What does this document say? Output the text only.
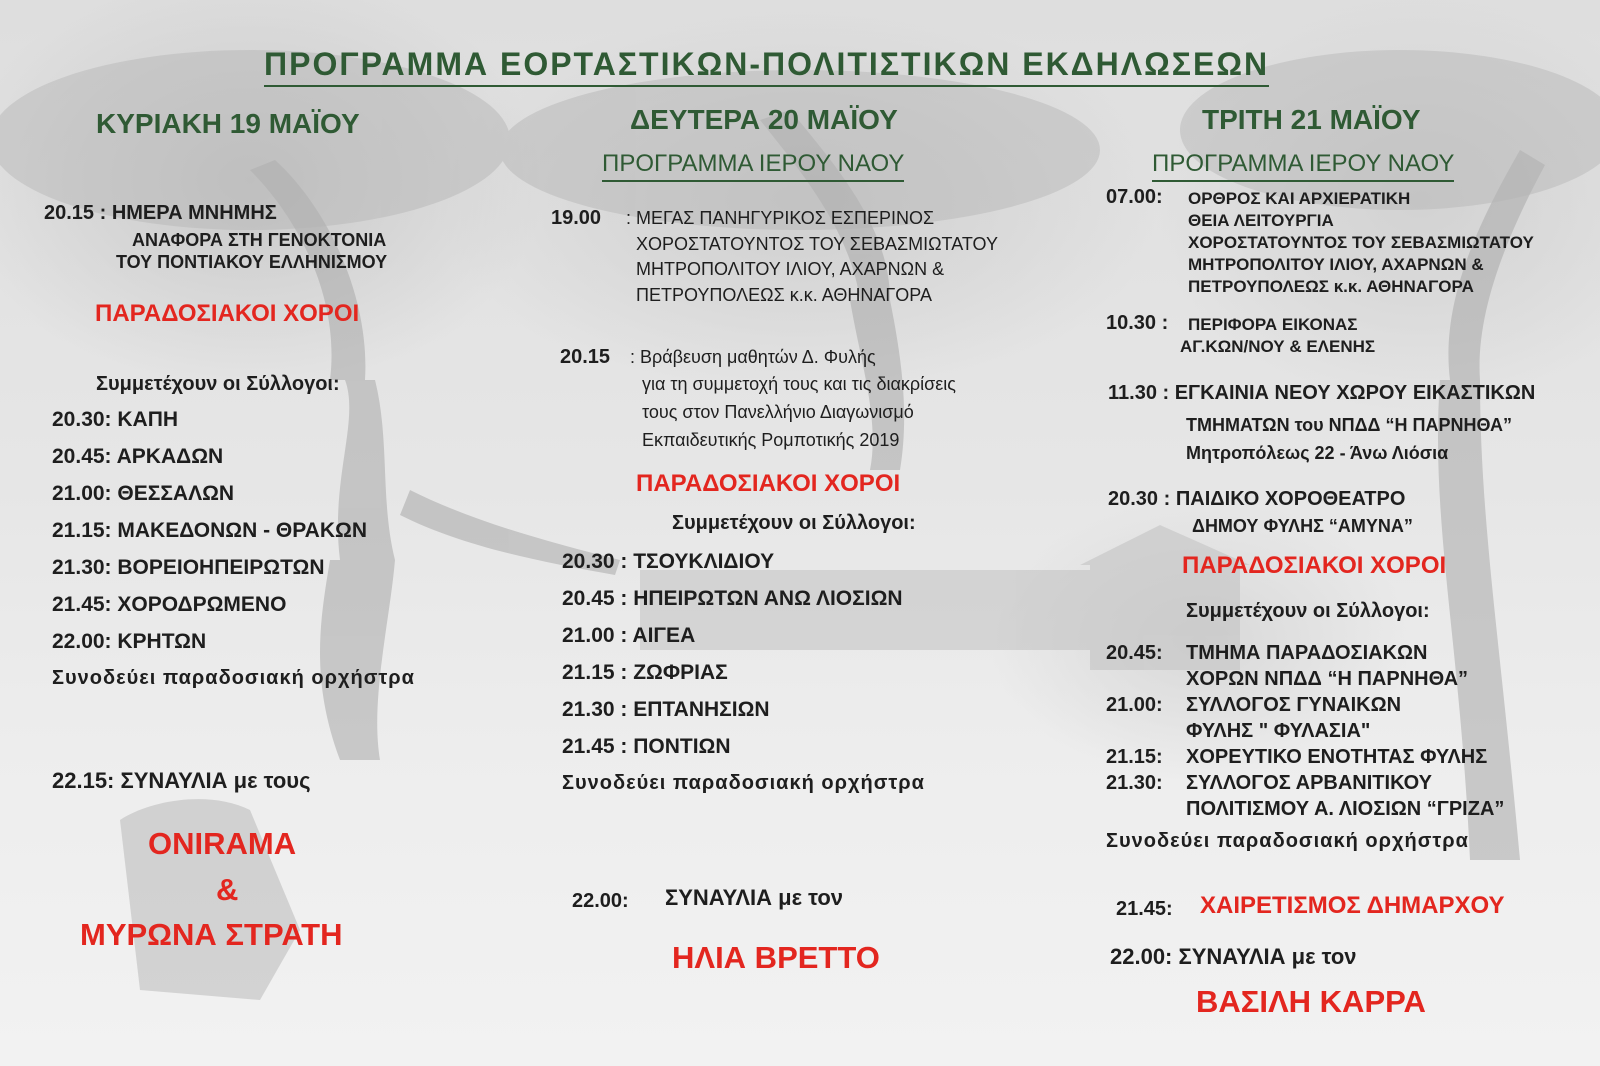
ΠΡΟΓΡΑΜΜΑ ΕΟΡΤΑΣΤΙΚΩΝ-ΠΟΛΙΤΙΣΤΙΚΩΝ ΕΚΔΗΛΩΣΕΩΝ
ΚΥΡΙΑΚΗ 19 ΜΑΪΟΥ
20.15 : ΗΜΕΡΑ ΜΝΗΜΗΣ
ΑΝΑΦΟΡΑ ΣΤΗ ΓΕΝΟΚΤΟΝΙΑ
ΤΟΥ ΠΟΝΤΙΑΚΟΥ ΕΛΛΗΝΙΣΜΟΥ
ΠΑΡΑΔΟΣΙΑΚΟΙ ΧΟΡΟΙ
Συμμετέχουν οι Σύλλογοι:
20.30: ΚΑΠΗ
20.45: ΑΡΚΑΔΩΝ
21.00: ΘΕΣΣΑΛΩΝ
21.15: ΜΑΚΕΔΟΝΩΝ - ΘΡΑΚΩΝ
21.30: ΒΟΡΕΙΟΗΠΕΙΡΩΤΩΝ
21.45: ΧΟΡΟΔΡΩΜΕΝΟ
22.00: ΚΡΗΤΩΝ
Συνοδεύει παραδοσιακή ορχήστρα
22.15: ΣΥΝΑΥΛΙΑ με τους
ONIRAMA
&
ΜΥΡΩΝΑ ΣΤΡΑΤΗ
ΔΕΥΤΕΡΑ 20 ΜΑΪΟΥ
ΠΡΟΓΡΑΜΜΑ ΙΕΡΟΥ ΝΑΟΥ
19.00 : ΜΕΓΑΣ ΠΑΝΗΓΥΡΙΚΟΣ ΕΣΠΕΡΙΝΟΣ
ΧΟΡΟΣΤΑΤΟΥΝΤΟΣ ΤΟΥ ΣΕΒΑΣΜΙΩΤΑΤΟΥ
ΜΗΤΡΟΠΟΛΙΤΟΥ ΙΛΙΟΥ, ΑΧΑΡΝΩΝ &
ΠΕΤΡΟΥΠΟΛΕΩΣ κ.κ. ΑΘΗΝΑΓΟΡΑ
20.15 : Βράβευση μαθητών Δ. Φυλής
για τη συμμετοχή τους και τις διακρίσεις
τους στον Πανελλήνιο Διαγωνισμό
Εκπαιδευτικής Ρομποτικής 2019
ΠΑΡΑΔΟΣΙΑΚΟΙ ΧΟΡΟΙ
Συμμετέχουν οι Σύλλογοι:
20.30 : ΤΣΟΥΚΛΙΔΙΟΥ
20.45 : ΗΠΕΙΡΩΤΩΝ ΑΝΩ ΛΙΟΣΙΩΝ
21.00 : ΑΙΓΕΑ
21.15 : ΖΩΦΡΙΑΣ
21.30 : ΕΠΤΑΝΗΣΙΩΝ
21.45 : ΠΟΝΤΙΩΝ
Συνοδεύει παραδοσιακή ορχήστρα
22.00: ΣΥΝΑΥΛΙΑ με τον
ΗΛΙΑ ΒΡΕΤΤΟ
ΤΡΙΤΗ 21 ΜΑΪΟΥ
ΠΡΟΓΡΑΜΜΑ ΙΕΡΟΥ ΝΑΟΥ
07.00: ΟΡΘΡΟΣ ΚΑΙ ΑΡΧΙΕΡΑΤΙΚΗ
ΘΕΙΑ ΛΕΙΤΟΥΡΓΙΑ
ΧΟΡΟΣΤΑΤΟΥΝΤΟΣ ΤΟΥ ΣΕΒΑΣΜΙΩΤΑΤΟΥ
ΜΗΤΡΟΠΟΛΙΤΟΥ ΙΛΙΟΥ, ΑΧΑΡΝΩΝ &
ΠΕΤΡΟΥΠΟΛΕΩΣ κ.κ. ΑΘΗΝΑΓΟΡΑ
10.30 : ΠΕΡΙΦΟΡΑ ΕΙΚΟΝΑΣ
ΑΓ.ΚΩΝ/ΝΟΥ & ΕΛΕΝΗΣ
11.30 : ΕΓΚΑΙΝΙΑ ΝΕΟΥ ΧΩΡΟΥ ΕΙΚΑΣΤΙΚΩΝ
ΤΜΗΜΑΤΩΝ του ΝΠΔΔ “Η ΠΑΡΝΗΘΑ”
Μητροπόλεως 22 - Άνω Λιόσια
20.30 : ΠΑΙΔΙΚΟ ΧΟΡΟΘΕΑΤΡΟ
ΔΗΜΟΥ ΦΥΛΗΣ “ΑΜΥΝΑ”
ΠΑΡΑΔΟΣΙΑΚΟΙ ΧΟΡΟΙ
Συμμετέχουν οι Σύλλογοι:
20.45: ΤΜΗΜΑ ΠΑΡΑΔΟΣΙΑΚΩΝ
ΧΟΡΩΝ ΝΠΔΔ “Η ΠΑΡΝΗΘΑ”
21.00: ΣΥΛΛΟΓΟΣ ΓΥΝΑΙΚΩΝ
ΦΥΛΗΣ " ΦΥΛΑΣΙΑ"
21.15: ΧΟΡΕΥΤΙΚΟ ΕΝΟΤΗΤΑΣ ΦΥΛΗΣ
21.30: ΣΥΛΛΟΓΟΣ ΑΡΒΑΝΙΤΙΚΟΥ
ΠΟΛΙΤΙΣΜΟΥ Α. ΛΙΟΣΙΩΝ “ΓΡΙΖΑ”
Συνοδεύει παραδοσιακή ορχήστρα
21.45: ΧΑΙΡΕΤΙΣΜΟΣ ΔΗΜΑΡΧΟΥ
22.00: ΣΥΝΑΥΛΙΑ με τον
ΒΑΣΙΛΗ ΚΑΡΡΑ
